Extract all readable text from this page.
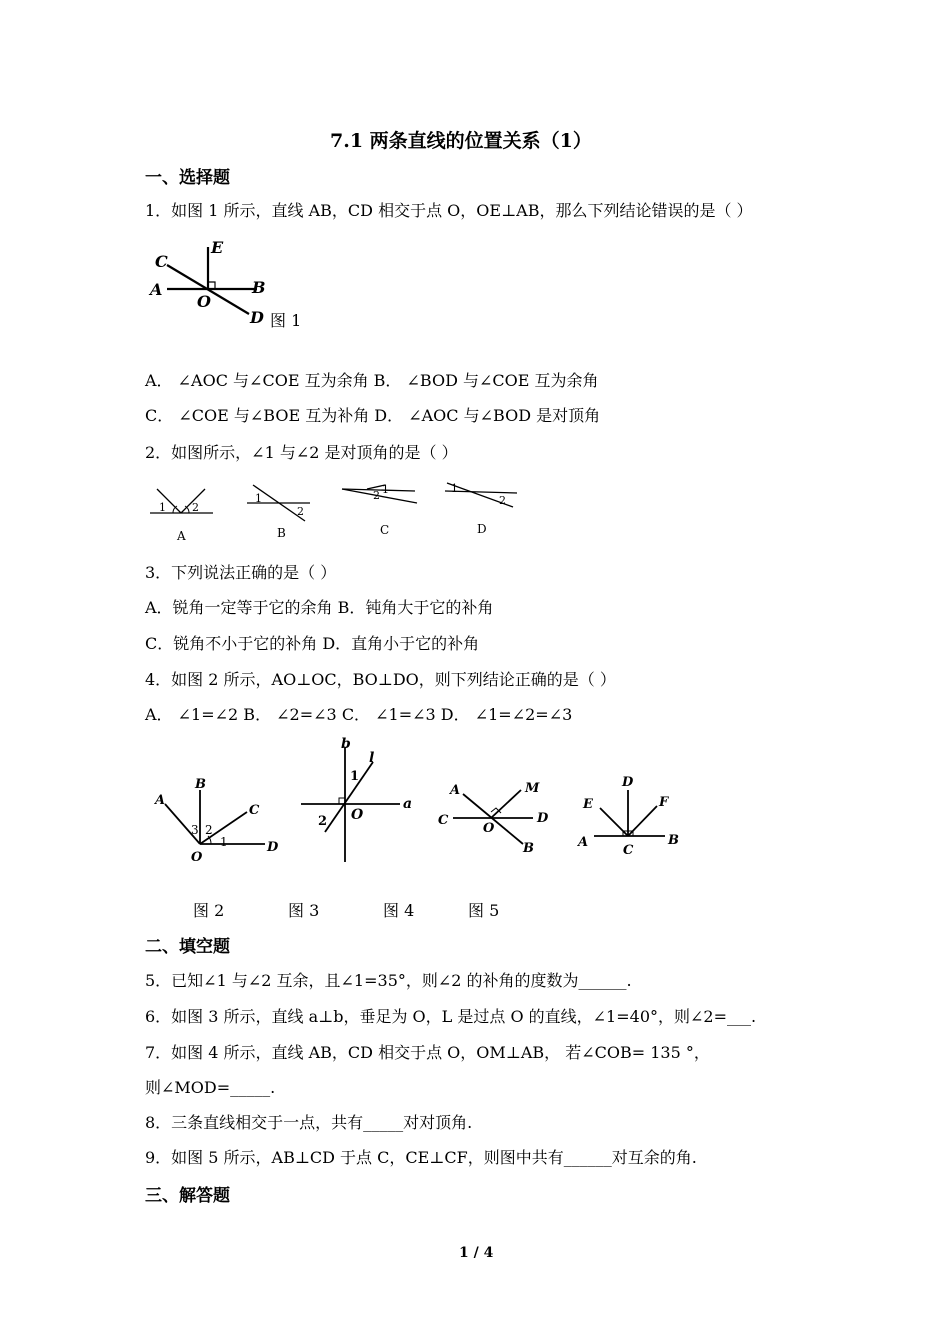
7.1 两条直线的位置关系（1）
一、选择题
1．如图 1 所示，直线 AB，CD 相交于点 O，OE⊥AB，那么下列结论错误的是（ ）
C
E
A
O
B
D 图 1
A． ∠AOC 与∠COE 互为余角 B． ∠BOD 与∠COE 互为余角
C． ∠COE 与∠BOE 互为补角 D． ∠AOC 与∠BOD 是对顶角
2．如图所示，∠1 与∠2 是对顶角的是（ ）
1 2
A
1
2
B
1
2
C
1
2
D
3．下列说法正确的是（ ）
A．锐角一定等于它的余角 B．钝角大于它的补角
C．锐角不小于它的补角 D．直角小于它的补角
4．如图 2 所示，AO⊥OC，BO⊥DO，则下列结论正确的是（ ）
A． ∠1=∠2 B． ∠2=∠3 C． ∠1=∠3 D． ∠1=∠2=∠3
A
B
C
D
O
3 2
1
b
l
1
2 O
a
A	M
C
O
D
B
D
E	F
A
C
B
图 2	图 3	图 4	图 5
二、填空题
5．已知∠1 与∠2 互余，且∠1=35°，则∠2 的补角的度数为______.
6．如图 3 所示，直线 a⊥b，垂足为 O，L 是过点 O 的直线，∠1=40°，则∠2=___.
7．如图 4 所示，直线 AB，CD 相交于点 O，OM⊥AB， 若∠COB= 135 °，
则∠MOD=_____.
8．三条直线相交于一点，共有_____对对顶角.
9．如图 5 所示，AB⊥CD 于点 C，CE⊥CF，则图中共有______对互余的角.
三、解答题
1 / 4
